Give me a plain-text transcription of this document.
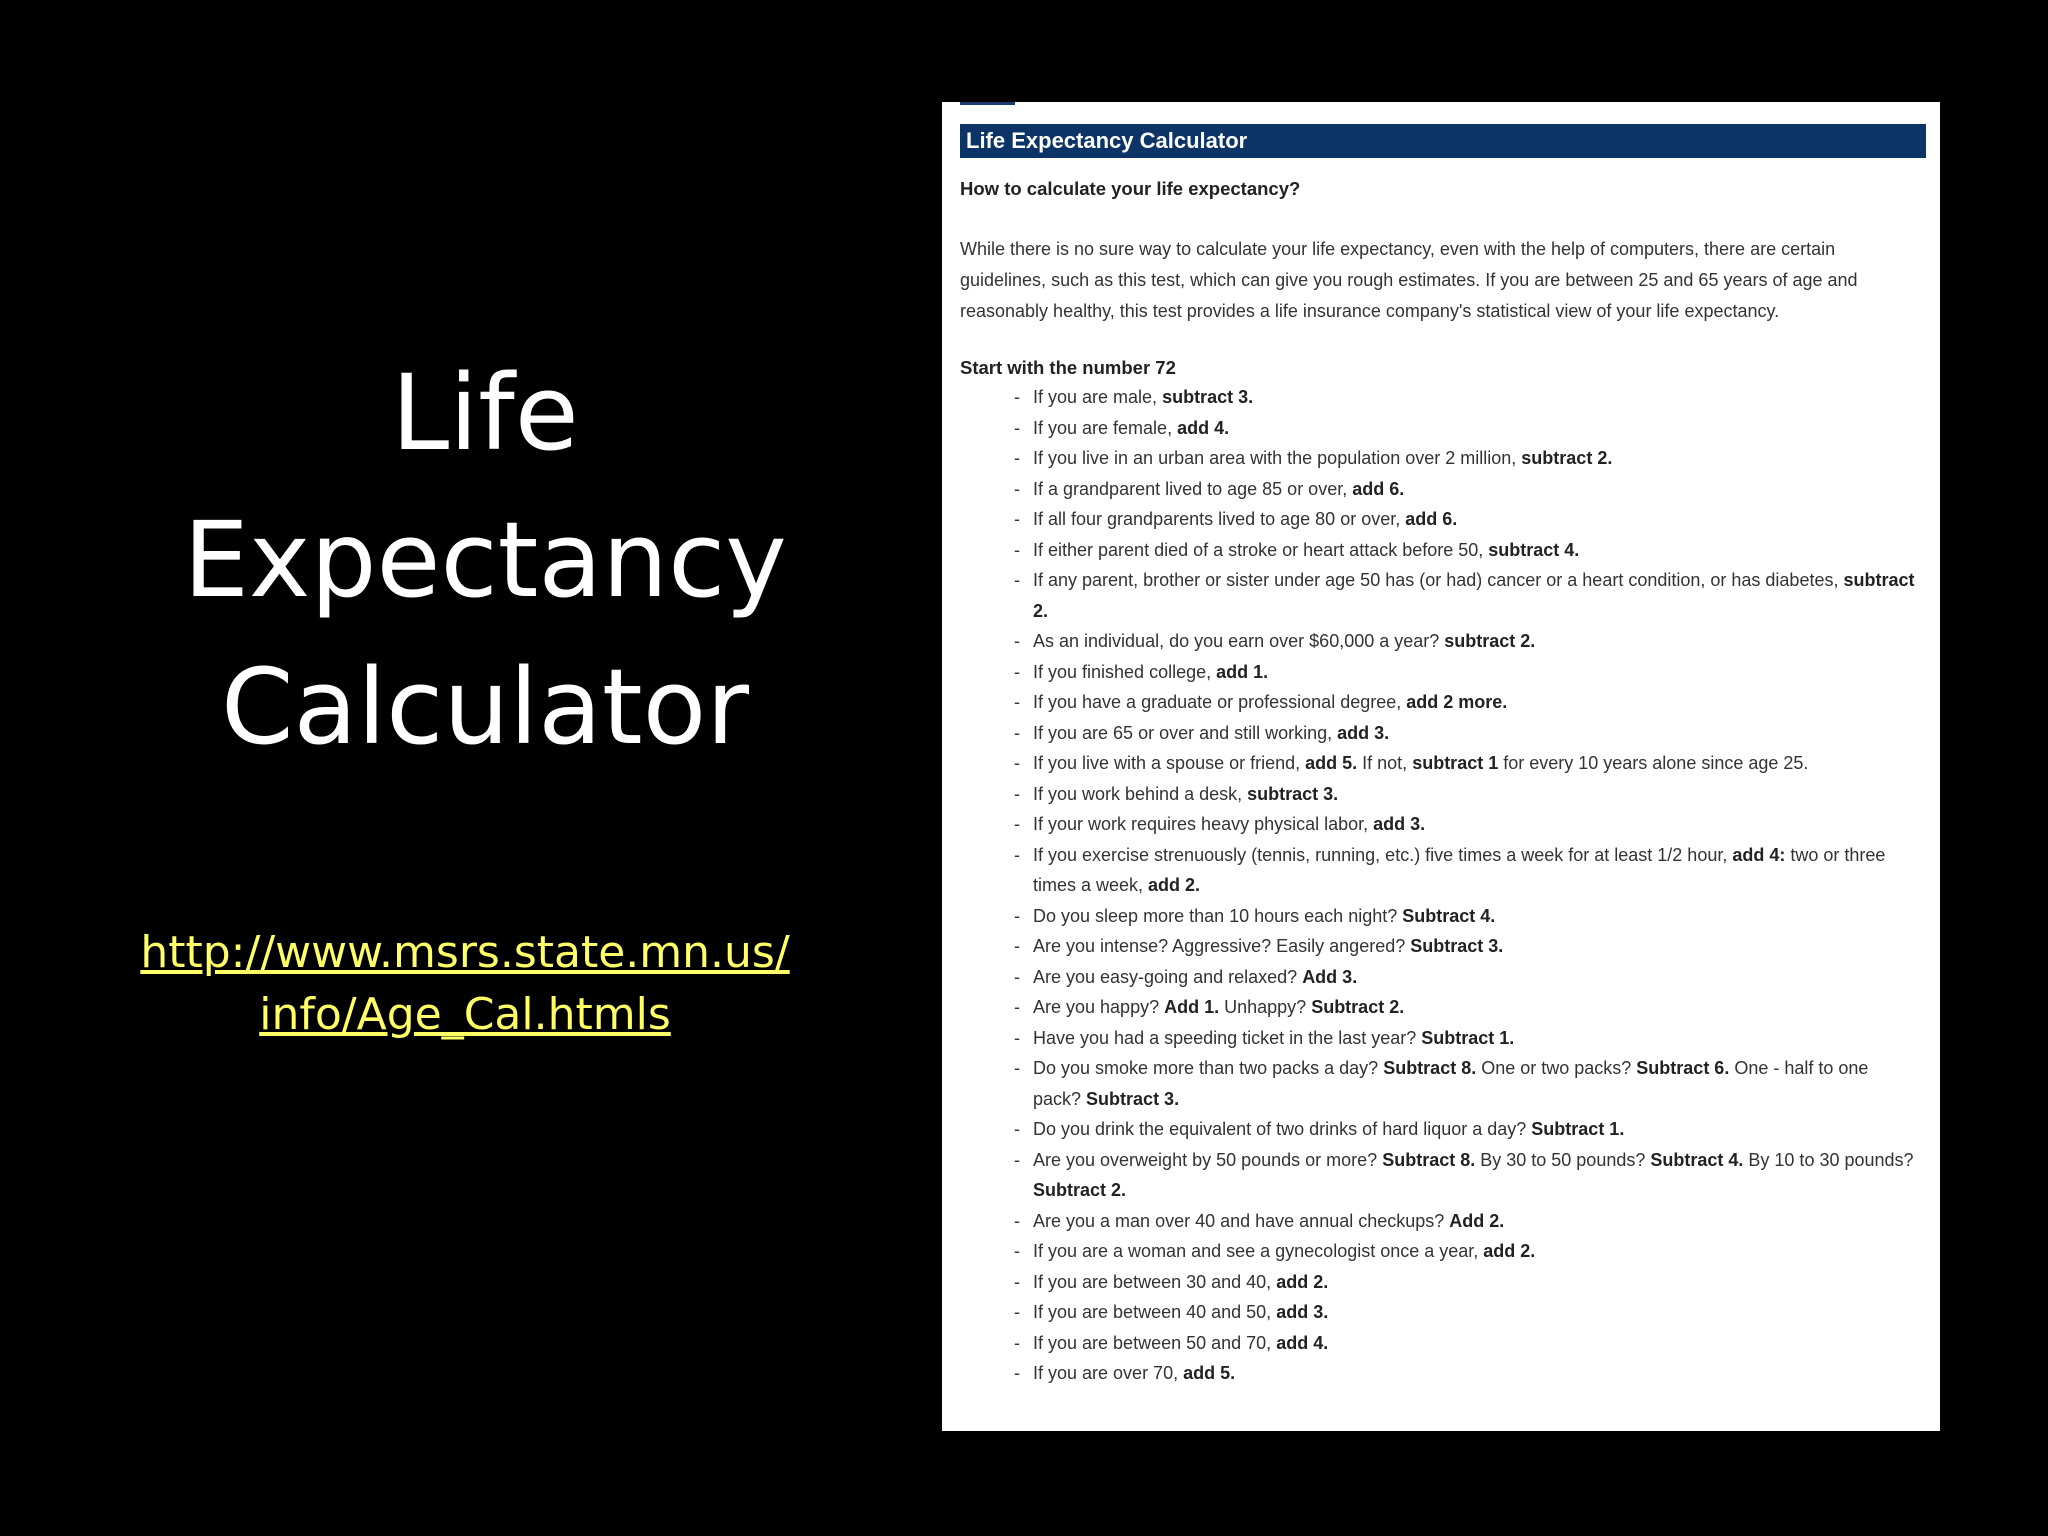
Life
Expectancy
Calculator
http://www.msrs.state.mn.us/
info/Age_Cal.htmls
Life Expectancy Calculator

How to calculate your life expectancy?

While there is no sure way to calculate your life expectancy, even with the help of computers, there are certain guidelines, such as this test, which can give you rough estimates. If you are between 25 and 65 years of age and reasonably healthy, this test provides a life insurance company's statistical view of your life expectancy.

Start with the number 72

- If you are male, subtract 3.
- If you are female, add 4.
- If you live in an urban area with the population over 2 million, subtract 2.
- If a grandparent lived to age 85 or over, add 6.
- If all four grandparents lived to age 80 or over, add 6.
- If either parent died of a stroke or heart attack before 50, subtract 4.
- If any parent, brother or sister under age 50 has (or had) cancer or a heart condition, or has diabetes, subtract 2.
- As an individual, do you earn over $60,000 a year? subtract 2.
- If you finished college, add 1.
- If you have a graduate or professional degree, add 2 more.
- If you are 65 or over and still working, add 3.
- If you live with a spouse or friend, add 5. If not, subtract 1 for every 10 years alone since age 25.
- If you work behind a desk, subtract 3.
- If your work requires heavy physical labor, add 3.
- If you exercise strenuously (tennis, running, etc.) five times a week for at least 1/2 hour, add 4: two or three times a week, add 2.
- Do you sleep more than 10 hours each night? Subtract 4.
- Are you intense? Aggressive? Easily angered? Subtract 3.
- Are you easy-going and relaxed? Add 3.
- Are you happy? Add 1. Unhappy? Subtract 2.
- Have you had a speeding ticket in the last year? Subtract 1.
- Do you smoke more than two packs a day? Subtract 8. One or two packs? Subtract 6. One - half to one pack? Subtract 3.
- Do you drink the equivalent of two drinks of hard liquor a day? Subtract 1.
- Are you overweight by 50 pounds or more? Subtract 8. By 30 to 50 pounds? Subtract 4. By 10 to 30 pounds? Subtract 2.
- Are you a man over 40 and have annual checkups? Add 2.
- If you are a woman and see a gynecologist once a year, add 2.
- If you are between 30 and 40, add 2.
- If you are between 40 and 50, add 3.
- If you are between 50 and 70, add 4.
- If you are over 70, add 5.
